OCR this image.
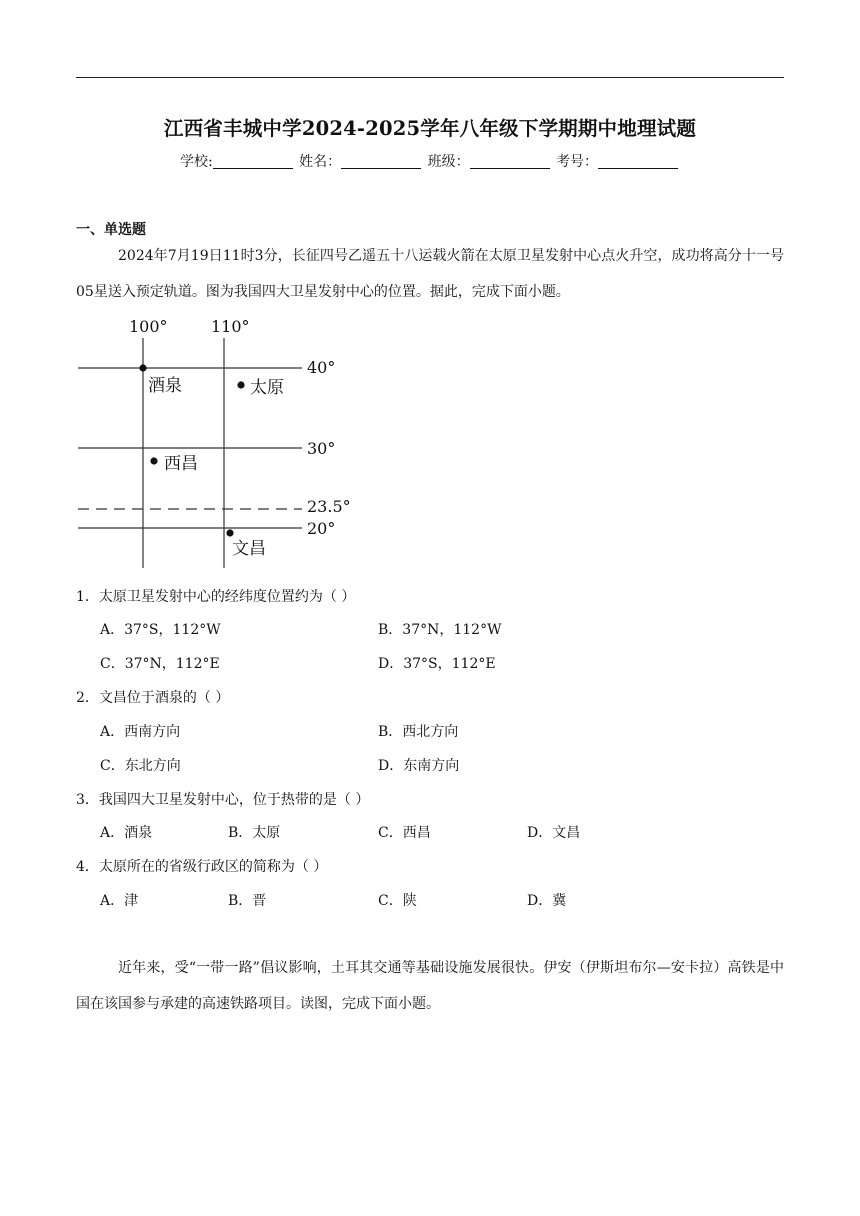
江西省丰城中学2024-2025学年八年级下学期期中地理试题
学校:	姓名：	班级：	考号：
一、单选题
2024年7月19日11时3分，长征四号乙遥五十八运载火箭在太原卫星发射中心点火升空，成功将高分十一号05星送入预定轨道。图为我国四大卫星发射中心的位置。据此，完成下面小题。
100°	110°
40°
30°
23.5°
20°
酒泉	太原
西昌
文昌
1．太原卫星发射中心的经纬度位置约为（ ）
A．37°S，112°W	B．37°N，112°W
C．37°N，112°E	D．37°S，112°E
2．文昌位于酒泉的（ ）
A．西南方向	B．西北方向
C．东北方向	D．东南方向
3．我国四大卫星发射中心，位于热带的是（ ）
A．酒泉	B．太原	C．西昌	D．文昌
4．太原所在的省级行政区的简称为（ ）
A．津	B．晋	C．陕	D．冀
近年来，受“一带一路”倡议影响，土耳其交通等基础设施发展很快。伊安（伊斯坦布尔—安卡拉）高铁是中国在该国参与承建的高速铁路项目。读图，完成下面小题。
